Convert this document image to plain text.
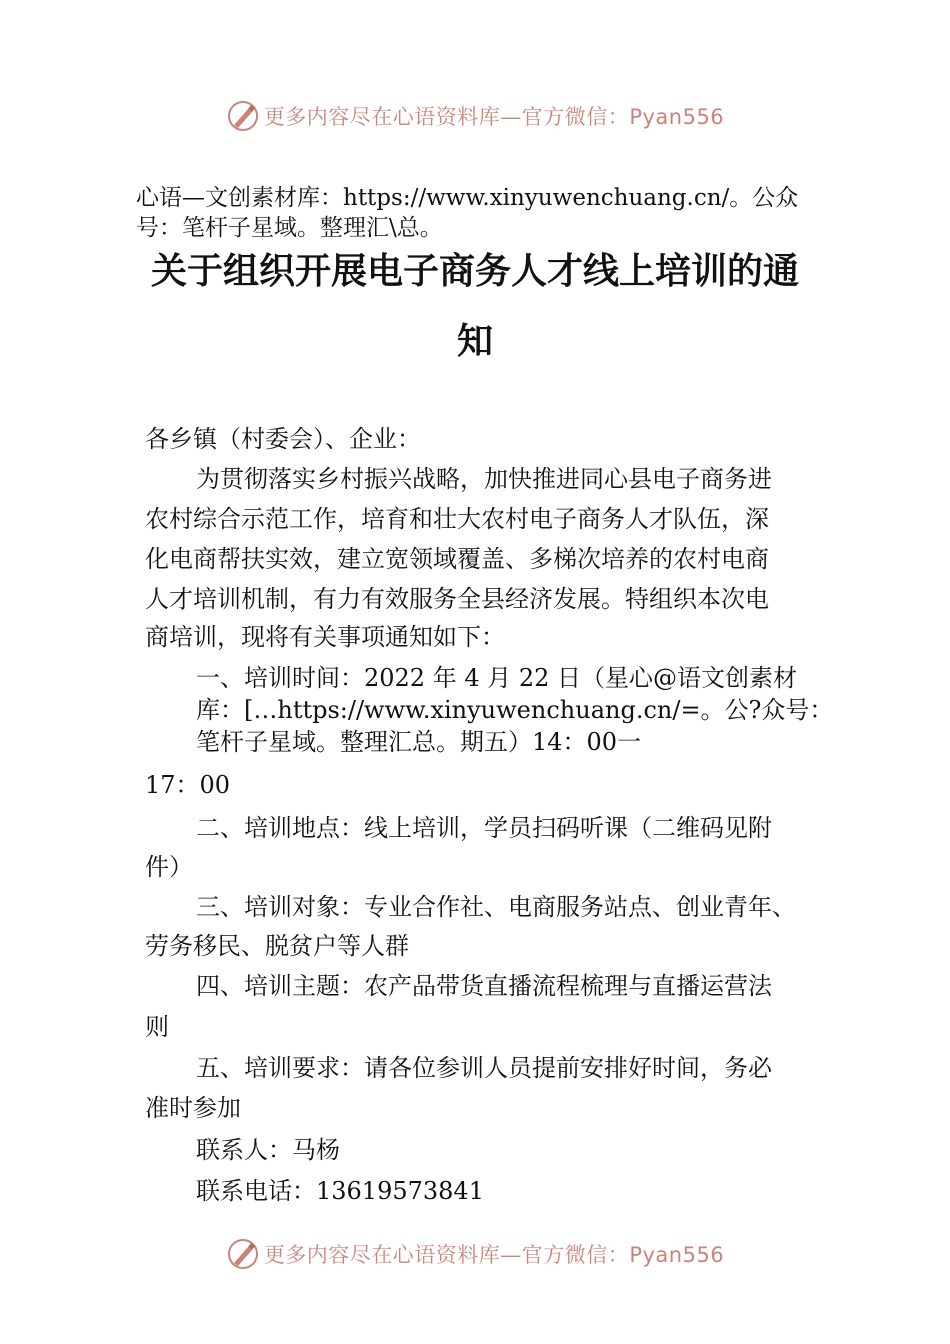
更多内容尽在心语资料库—官方微信：Pyan556
心语—文创素材库：https://www.xinyuwenchuang.cn/。公众
号：笔杆子星域。整理汇\总。
关于组织开展电子商务人才线上培训的通
知
各乡镇（村委会）、企业：
为贯彻落实乡村振兴战略，加快推进同心县电子商务进
农村综合示范工作，培育和壮大农村电子商务人才队伍，深
化电商帮扶实效，建立宽领域覆盖、多梯次培养的农村电商
人才培训机制，有力有效服务全县经济发展。特组织本次电
商培训，现将有关事项通知如下：
一、培训时间：2022 年 4 月 22 日（星心@语文创素材
库：[…https://www.xinyuwenchuang.cn/=。公?众号：
笔杆子星域。整理汇总。期五）14：00一
17：00
二、培训地点：线上培训，学员扫码听课（二维码见附
件）
三、培训对象：专业合作社、电商服务站点、创业青年、
劳务移民、脱贫户等人群
四、培训主题：农产品带货直播流程梳理与直播运营法
则
五、培训要求：请各位参训人员提前安排好时间，务必
准时参加
联系人：马杨
联系电话：13619573841
更多内容尽在心语资料库—官方微信：Pyan556
